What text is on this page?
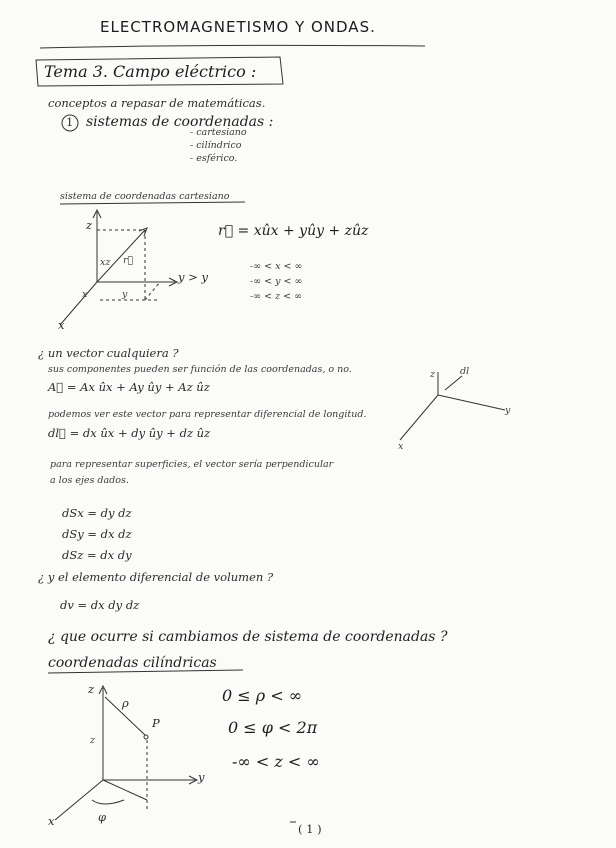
ELECTROMAGNETISMO Y ONDAS.
Tema 3. Campo eléctrico :
conceptos a repasar de matemáticas.
1 sistemas de coordenadas :
- cartesiano
- cilíndrico
- esférico.
sistema de coordenadas cartesiano
z
y > y
x
xz
x	y
r⃗
r⃗ = xûx + yûy + zûz
-∞ < x < ∞
-∞ < y < ∞
-∞ < z < ∞
¿ un vector cualquiera ?
sus componentes pueden ser función de las coordenadas, o no.
A⃗ = Ax ûx + Ay ûy + Az ûz
podemos ver este vector para representar diferencial de longitud.
dl⃗ = dx ûx + dy ûy + dz ûz
para representar superficies, el vector sería perpendicular
a los ejes dados.
z	dl
y
x
dSx = dy dz
dSy = dx dz
dSz = dx dy
¿ y el elemento diferencial de volumen ?
dv = dx dy dz
¿ que ocurre si cambiamos de sistema de coordenadas ?
coordenadas cilíndricas
z
ρ
P
z
y
x	φ
0 ≤ ρ < ∞
0 ≤ φ < 2π
-∞ < z < ∞
( 1 )
